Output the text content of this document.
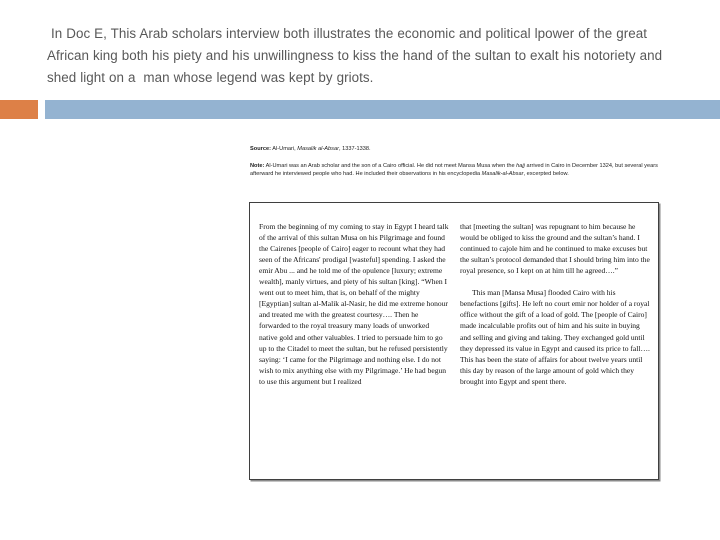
In Doc E, This Arab scholars interview both illustrates the economic and political lpower of the great African king both his piety and his unwillingness to kiss the hand of the sultan to exalt his notoriety and shed light on a  man whose legend was kept by griots.
Source: Al-Umari, Masalik al-Absar, 1337-1338.
Note: Al-Umari was an Arab scholar and the son of a Cairo official. He did not meet Mansa Musa when the hajj arrived in Cairo in December 1324, but several years afterward he interviewed people who had. He included their observations in his encyclopedia Masalik-al-Absar, excerpted below.

From the beginning of my coming to stay in Egypt I heard talk of the arrival of this sultan Musa on his Pilgrimage and found the Cairenes [people of Cairo] eager to recount what they had seen of the Africans' prodigal [wasteful] spending. I asked the emir Abu ... and he told me of the opulence [luxury; extreme wealth], manly virtues, and piety of his sultan [king]. “When I went out to meet him, that is, on behalf of the mighty [Egyptian] sultan al-Malik al-Nasir, he did me extreme honour and treated me with the greatest courtesy…. Then he forwarded to the royal treasury many loads of unworked native gold and other valuables. I tried to persuade him to go up to the Citadel to meet the sultan, but he refused persistently saying: ‘I came for the Pilgrimage and nothing else. I do not wish to mix anything else with my Pilgrimage.’ He had begun to use this argument but I realized

that [meeting the sultan] was repugnant to him because he would be obliged to kiss the ground and the sultan’s hand. I continued to cajole him and he continued to make excuses but the sultan’s protocol demanded that I should bring him into the royal presence, so I kept on at him till he agreed….”

This man [Mansa Musa] flooded Cairo with his benefactions [gifts]. He left no court emir nor holder of a royal office without the gift of a load of gold. The [people of Cairo] made incalculable profits out of him and his suite in buying and selling and giving and taking. They exchanged gold until they depressed its value in Egypt and caused its price to fall…. This has been the state of affairs for about twelve years until this day by reason of the large amount of gold which they brought into Egypt and spent there.
